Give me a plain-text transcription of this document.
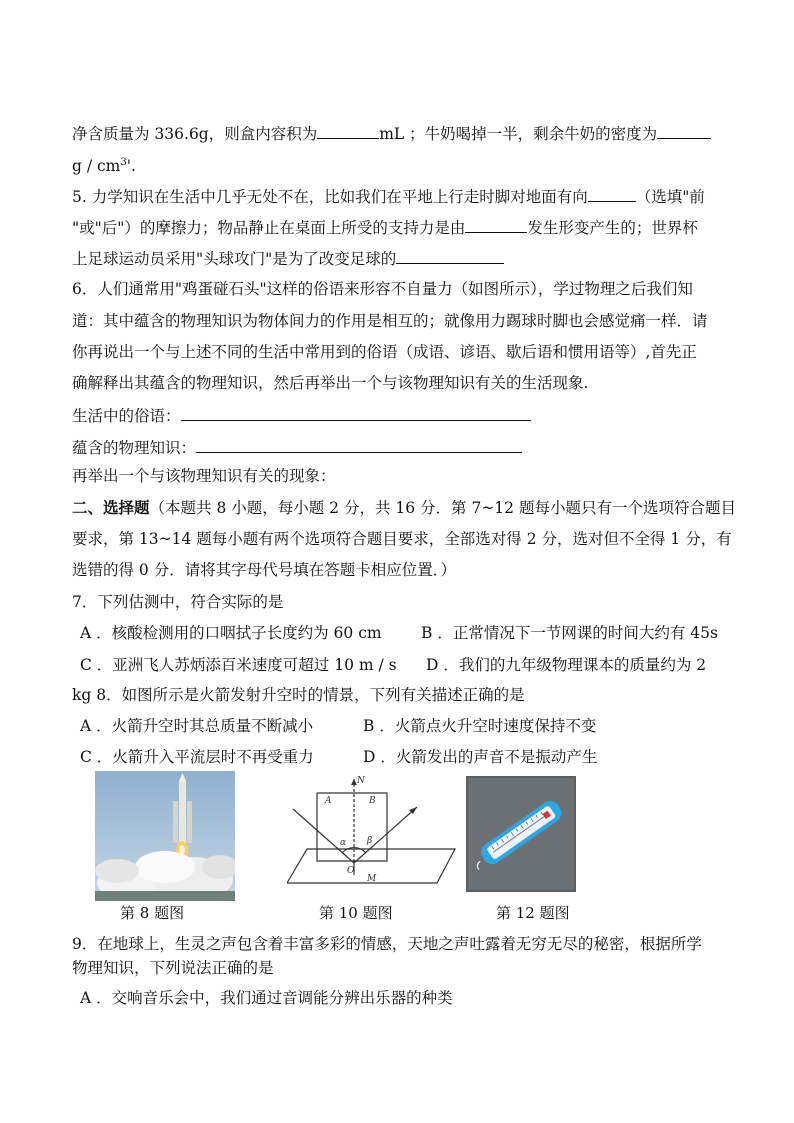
净含质量为 336.6g，则盒内容积为	mL ；牛奶喝掉一半，剩余牛奶的密度为
g / $cm^3'$.
5. 力学知识在生活中几乎无处不在，比如我们在平地上行走时脚对地面有向	（选填"前
"或"后"）的摩擦力；物品静止在桌面上所受的支持力是由	发生形变产生的；世界杯
上足球运动员采用"头球攻门"是为了改变足球的
6．人们通常用"鸡蛋碰石头"这样的俗语来形容不自量力（如图所示），学过物理之后我们知
道：其中蕴含的物理知识为物体间力的作用是相互的；就像用力踢球时脚也会感觉痛一样．请
你再说出一个与上述不同的生活中常用到的俗语（成语、谚语、歇后语和惯用语等）,首先正
确解释出其蕴含的物理知识，然后再举出一个与该物理知识有关的生活现象.
生活中的俗语：
蕴含的物理知识：
再举出一个与该物理知识有关的现象：
二、选择题（本题共 8 小题，每小题 2 分，共 16 分．第 7~12 题每小题只有一个选项符合题目
要求，第 13~14 题每小题有两个选项符合题目要求，全部选对得 2 分，选对但不全得 1 分，有
选错的得 0 分．请将其字母代号填在答题卡相应位置．）
7．下列估测中，符合实际的是
A ．核酸检测用的口咽拭子长度约为 60 cm	B ．正常情况下一节网课的时间大约有 45s
C ．亚洲飞人苏炳添百米速度可超过 10 m / s D ．我们的九年级物理课本的质量约为 2
kg 8．如图所示是火箭发射升空时的情景，下列有关描述正确的是
A ．火箭升空时其总质量不断减小	B ．火箭点火升空时速度保持不变
C ．火箭升入平流层时不再受重力	D ．火箭发出的声音不是振动产生
N
A	B
α β
O
M
第 8 题图	第 10 题图	第 12 题图
9．在地球上，生灵之声包含着丰富多彩的情感，天地之声吐露着无穷无尽的秘密，根据所学
物理知识，下列说法正确的是
A ．交响音乐会中，我们通过音调能分辨出乐器的种类
